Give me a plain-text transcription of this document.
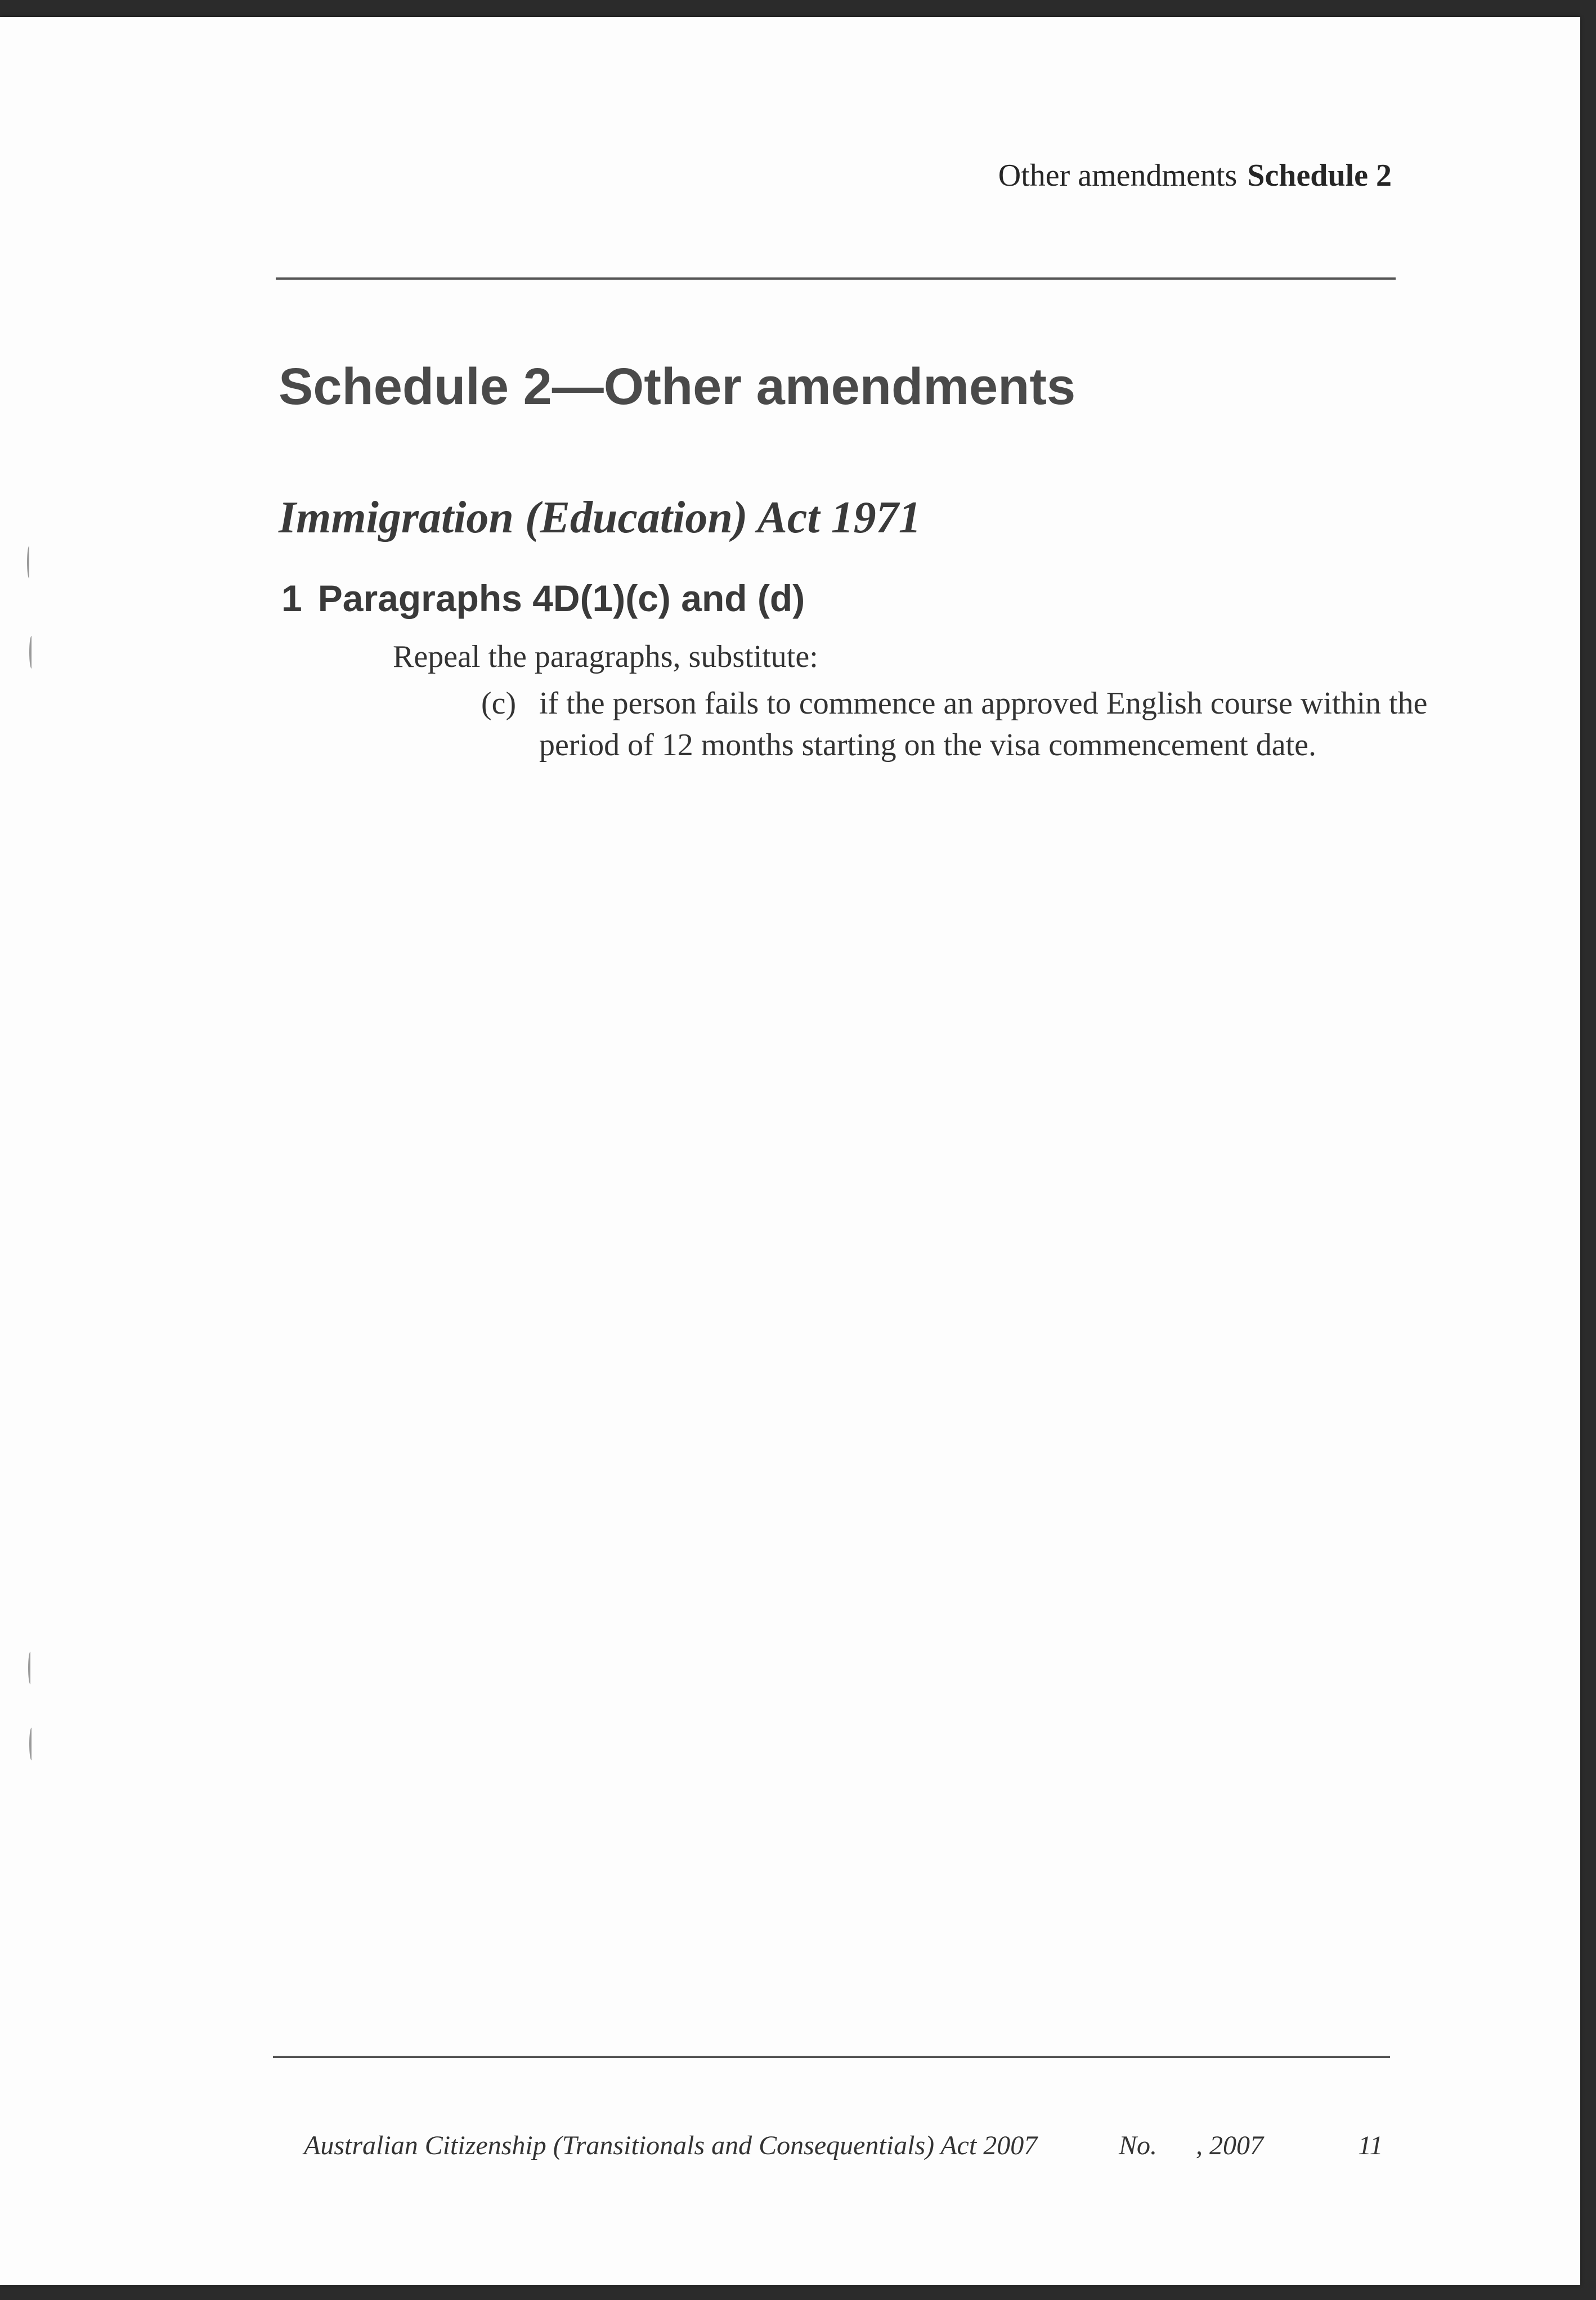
Other amendments Schedule 2
Schedule 2—Other amendments
Immigration (Education) Act 1971
1 Paragraphs 4D(1)(c) and (d)
Repeal the paragraphs, substitute:
(c) if the person fails to commence an approved English course within the period of 12 months starting on the visa commencement date.
Australian Citizenship (Transitionals and Consequentials) Act 2007	No. , 2007	11
